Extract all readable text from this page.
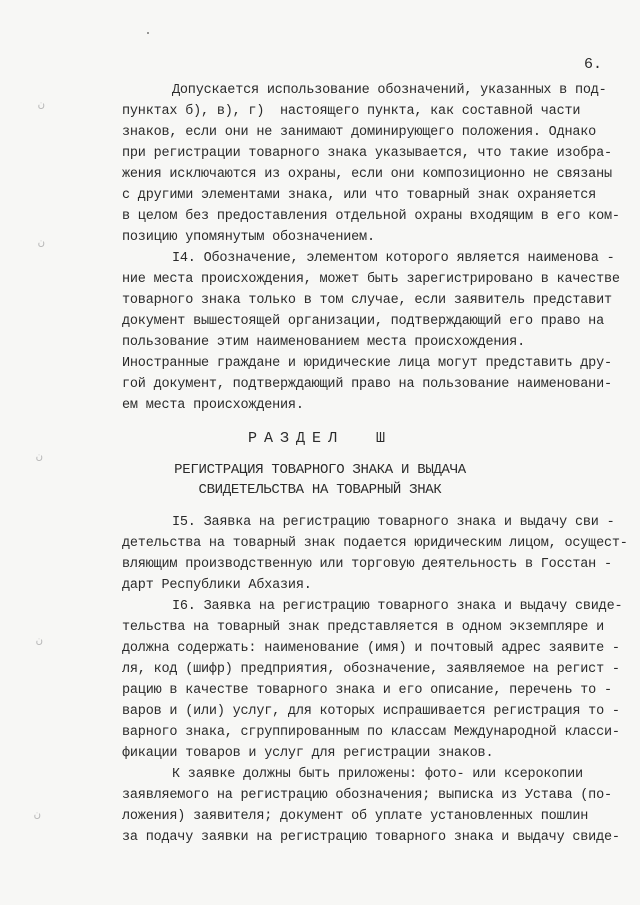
6.
ن
ن
ن
ن
ن
Допускается использование обозначений, указанных в под-
пунктах б), в), г)  настоящего пункта, как составной части
знаков, если они не занимают доминирующего положения. Однако
при регистрации товарного знака указывается, что такие изобра-
жения исключаются из охраны, если они композиционно не связаны
с другими элементами знака, или что товарный знак охраняется
в целом без предоставления отдельной охраны входящим в его ком-
позицию упомянутым обозначением.
I4. Обозначение, элементом которого является наименова -
ние места происхождения, может быть зарегистрировано в качестве
товарного знака только в том случае, если заявитель представит
документ вышестоящей организации, подтверждающий его право на
пользование этим наименованием места происхождения.
Иностранные граждане и юридические лица могут представить дру-
гой документ, подтверждающий право на пользование наименовани-
ем места происхождения.
РАЗДЕЛ  Ш
РЕГИСТРАЦИЯ ТОВАРНОГО ЗНАКА И ВЫДАЧА
СВИДЕТЕЛЬСТВА НА ТОВАРНЫЙ ЗНАК
I5. Заявка на регистрацию товарного знака и выдачу сви -
детельства на товарный знак подается юридическим лицом, осущест-
вляющим производственную или торговую деятельность в Госстан -
дарт Республики Абхазия.
I6. Заявка на регистрацию товарного знака и выдачу свиде-
тельства на товарный знак представляется в одном экземпляре и
должна содержать: наименование (имя) и почтовый адрес заявите -
ля, код (шифр) предприятия, обозначение, заявляемое на регист -
рацию в качестве товарного знака и его описание, перечень то -
варов и (или) услуг, для которых испрашивается регистрация то -
варного знака, сгруппированным по классам Международной класси-
фикации товаров и услуг для регистрации знаков.
К заявке должны быть приложены: фото- или ксерокопии
заявляемого на регистрацию обозначения; выписка из Устава (по-
ложения) заявителя; документ об уплате установленных пошлин
за подачу заявки на регистрацию товарного знака и выдачу свиде-
